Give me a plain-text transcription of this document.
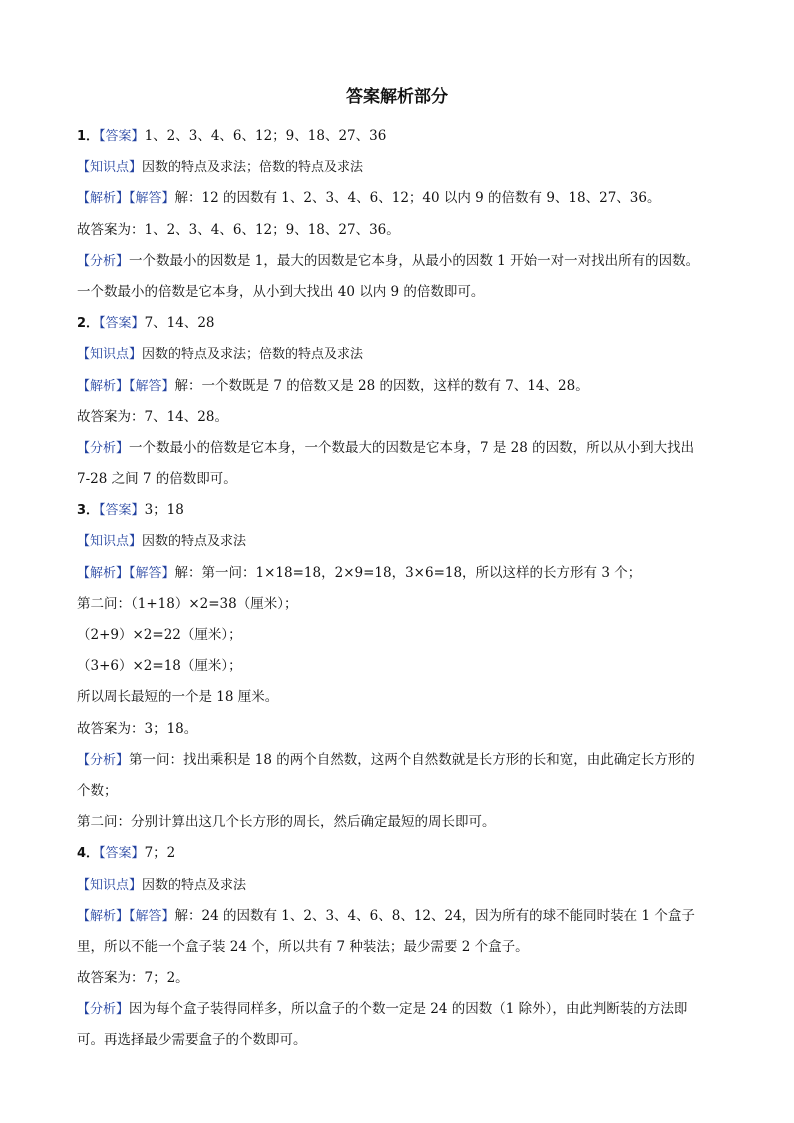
答案解析部分
1．【答案】1、2、3、4、6、12；9、18、27、36
【知识点】因数的特点及求法；倍数的特点及求法
【解析】【解答】解：12 的因数有 1、2、3、4、6、12；40 以内 9 的倍数有 9、18、27、36。
故答案为：1、2、3、4、6、12；9、18、27、36。
【分析】一个数最小的因数是 1，最大的因数是它本身，从最小的因数 1 开始一对一对找出所有的因数。
一个数最小的倍数是它本身，从小到大找出 40 以内 9 的倍数即可。
2．【答案】7、14、28
【知识点】因数的特点及求法；倍数的特点及求法
【解析】【解答】解：一个数既是 7 的倍数又是 28 的因数，这样的数有 7、14、28。
故答案为：7、14、28。
【分析】一个数最小的倍数是它本身，一个数最大的因数是它本身，7 是 28 的因数，所以从小到大找出
7-28 之间 7 的倍数即可。
3．【答案】3；18
【知识点】因数的特点及求法
【解析】【解答】解：第一问：1×18=18，2×9=18，3×6=18，所以这样的长方形有 3 个；
第二问：（1+18）×2=38（厘米）；
（2+9）×2=22（厘米）；
（3+6）×2=18（厘米）；
所以周长最短的一个是 18 厘米。
故答案为：3；18。
【分析】第一问：找出乘积是 18 的两个自然数，这两个自然数就是长方形的长和宽，由此确定长方形的
个数；
第二问：分别计算出这几个长方形的周长，然后确定最短的周长即可。
4．【答案】7；2
【知识点】因数的特点及求法
【解析】【解答】解：24 的因数有 1、2、3、4、6、8、12、24，因为所有的球不能同时装在 1 个盒子
里，所以不能一个盒子装 24 个，所以共有 7 种装法；最少需要 2 个盒子。
故答案为：7；2。
【分析】因为每个盒子装得同样多，所以盒子的个数一定是 24 的因数（1 除外），由此判断装的方法即
可。再选择最少需要盒子的个数即可。
